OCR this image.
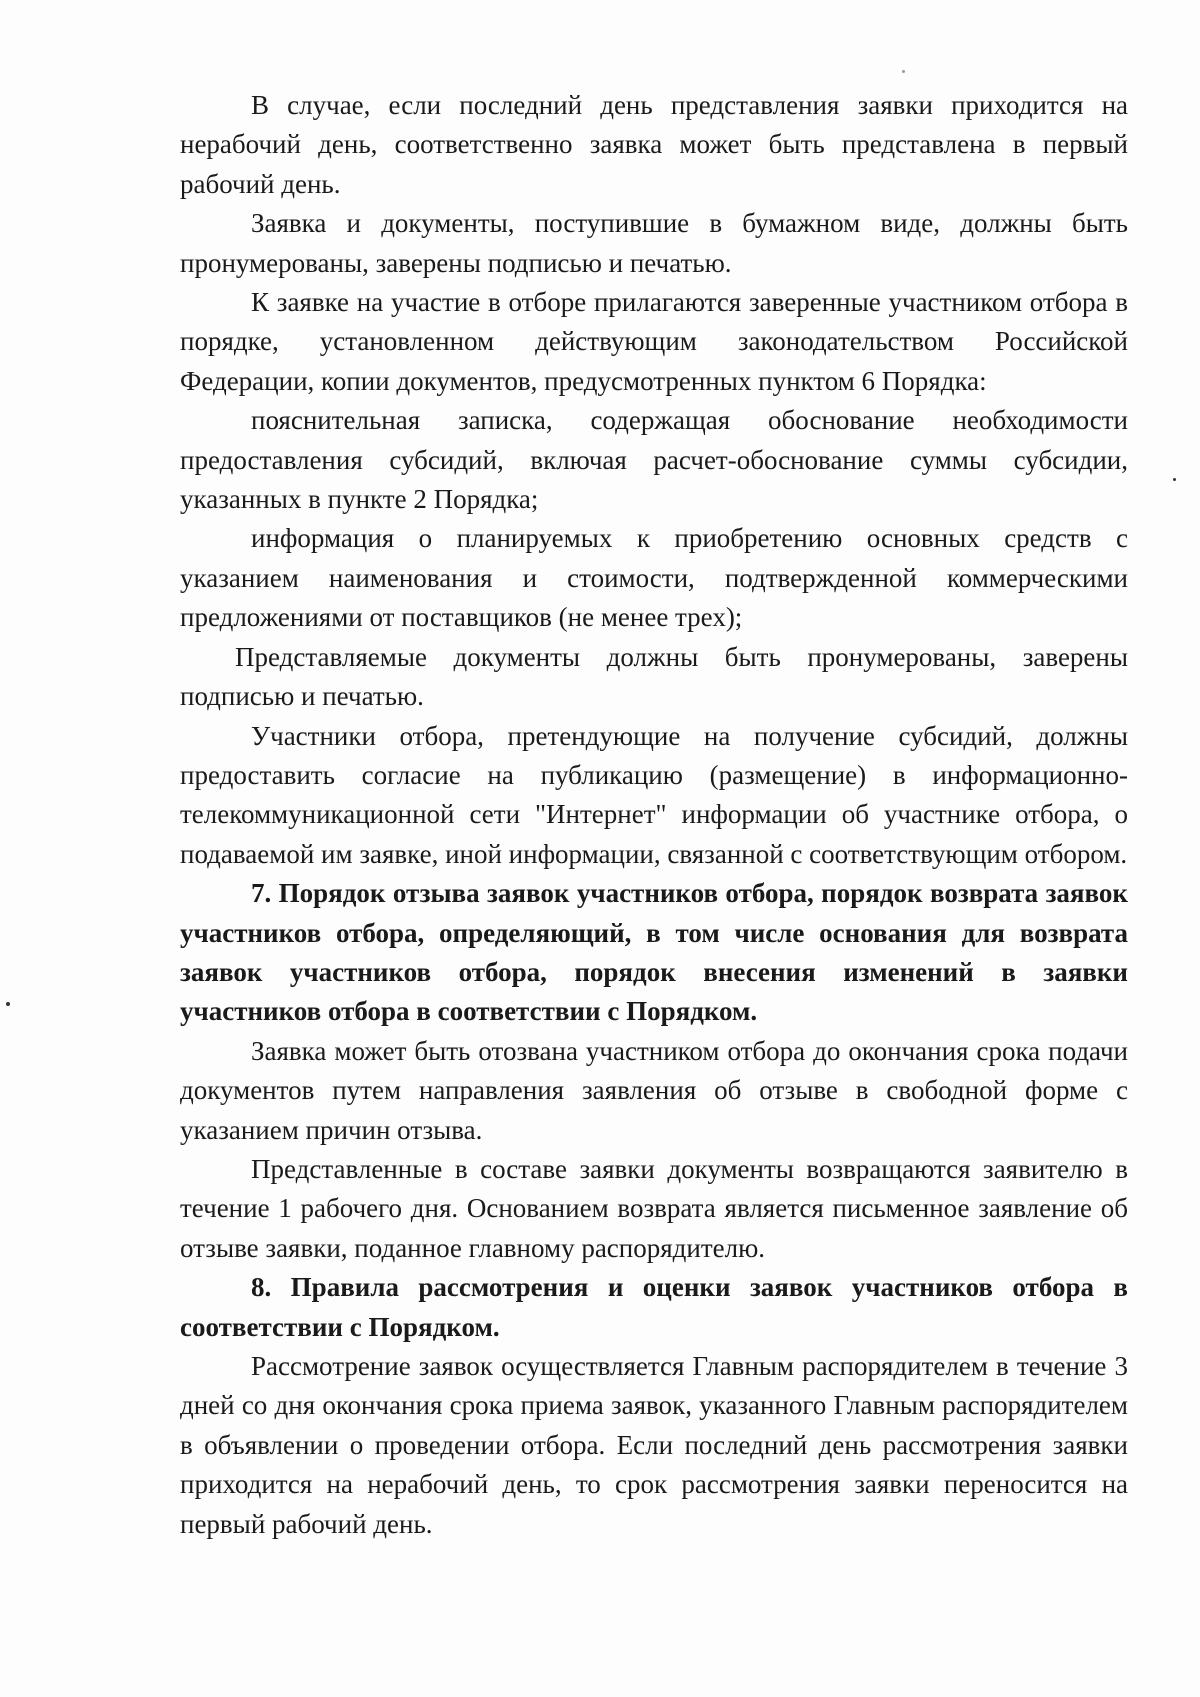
В случае, если последний день представления заявки приходится на нерабочий день, соответственно заявка может быть представлена в первый рабочий день.

Заявка и документы, поступившие в бумажном виде, должны быть пронумерованы, заверены подписью и печатью.

К заявке на участие в отборе прилагаются заверенные участником отбора в порядке, установленном действующим законодательством Российской Федерации, копии документов, предусмотренных пунктом 6 Порядка:

пояснительная записка, содержащая обоснование необходимости предоставления субсидий, включая расчет-обоснование суммы субсидии, указанных в пункте 2 Порядка;

информация о планируемых к приобретению основных средств с указанием наименования и стоимости, подтвержденной коммерческими предложениями от поставщиков (не менее трех);

Представляемые документы должны быть пронумерованы, заверены подписью и печатью.

Участники отбора, претендующие на получение субсидий, должны предоставить согласие на публикацию (размещение) в информационно-телекоммуникационной сети "Интернет" информации об участнике отбора, о подаваемой им заявке, иной информации, связанной с соответствующим отбором.

7. Порядок отзыва заявок участников отбора, порядок возврата заявок участников отбора, определяющий, в том числе основания для возврата заявок участников отбора, порядок внесения изменений в заявки участников отбора в соответствии с Порядком.

Заявка может быть отозвана участником отбора до окончания срока подачи документов путем направления заявления об отзыве в свободной форме с указанием причин отзыва.

Представленные в составе заявки документы возвращаются заявителю в течение 1 рабочего дня. Основанием возврата является письменное заявление об отзыве заявки, поданное главному распорядителю.

8. Правила рассмотрения и оценки заявок участников отбора в соответствии с Порядком.

Рассмотрение заявок осуществляется Главным распорядителем в течение 3 дней со дня окончания срока приема заявок, указанного Главным распорядителем в объявлении о проведении отбора. Если последний день рассмотрения заявки приходится на нерабочий день, то срок рассмотрения заявки переносится на первый рабочий день.
